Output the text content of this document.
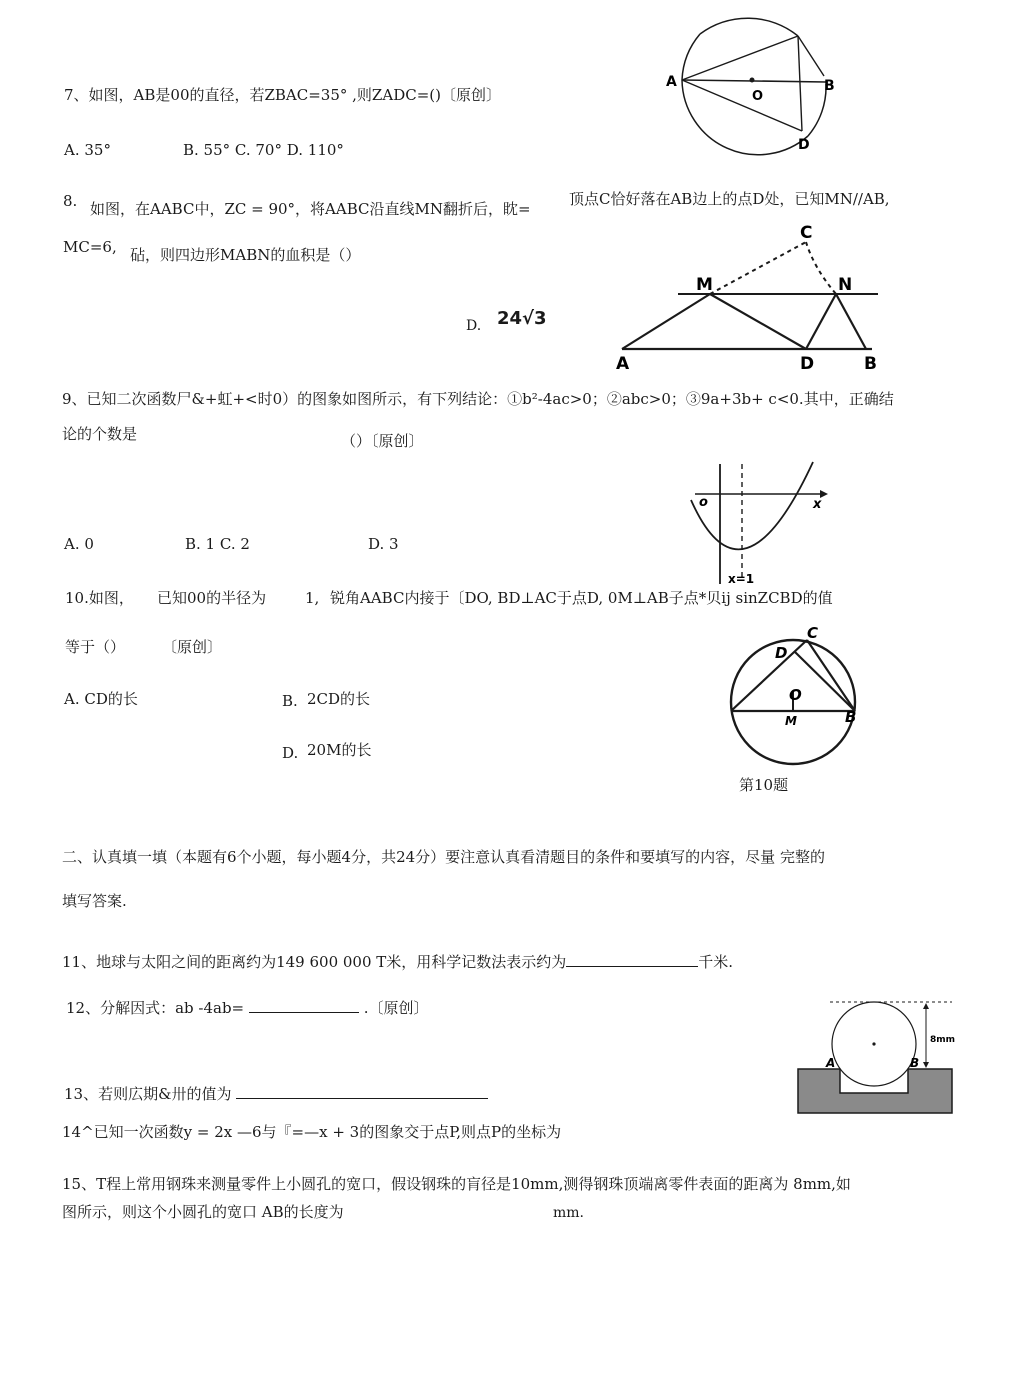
7、如图，AB是00的直径，若ZBAC=35° ,则ZADC=()〔原创〕
A. 35°	B. 55° C. 70° D. 110°
A
O
B
D
8. 如图，在AABC中，ZC = 90°，将AABC沿直线MN翻折后，眈=
顶点C恰好落在AB边上的点D处，已知MN//AB,
MC=6, 砧，则四边形MABN的血积是（）
D. 24√3
C
M	N
A	D	B
9、已知二次函数尸&+虹+<时0）的图象如图所示，有下列结论：①b²-4ac>0；②abc>0；③9a+3b+ c<0.其中，正确结
论的个数是	（）〔原创〕
A. 0	B. 1 C. 2	D. 3
o	x
x=1
10.如图， 已知00的半径为	1, 锐角AABC内接于〔DO, BD⊥AC于点D, 0M⊥AB子点*贝ij sinZCBD的值
等于（） 〔原创〕
A. CD的长	B. 2CD的长
D. 20M的长
第10题
C
D
O
M	B
二、认真填一填（本题有6个小题，每小题4分，共24分）要注意认真看清题目的条件和要填写的内容，尽量 完整的
填写答案.
11、地球与太阳之间的距离约为149 600 000 T米，用科学记数法表示约为	千米.
12、分解因式：ab -4ab=	.〔原创〕
13、若则広期&卅的值为
14^已知一次函数y = 2x —6与『=—x + 3的图象交于点P,则点P的坐标为
15、T程上常用钢珠来测量零件上小圆孔的宽口，假设钢珠的肓径是10mm,测得钢珠顶端离零件表面的距离为 8mm,如
图所示，则这个小圆孔的宽口 AB的长度为	mm.
8mm
A	B
